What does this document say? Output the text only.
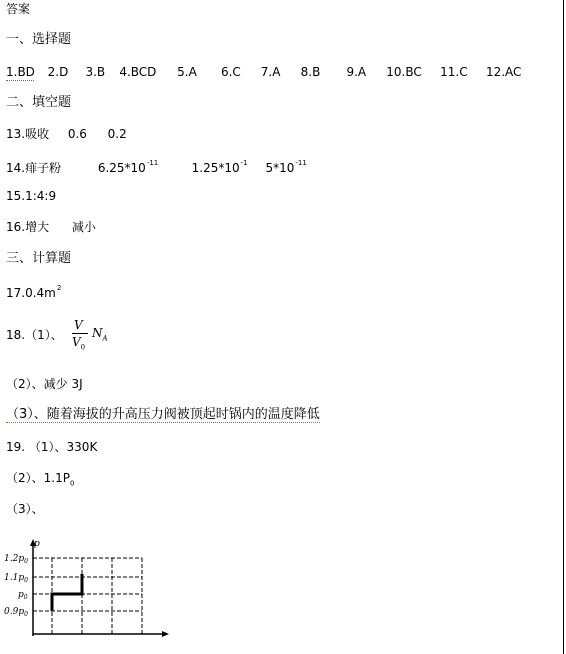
答案
一、选择题
1.BD 2.D 3.B 4.BCD 5.A 6.C 7.A 8.B 9.A 10.BC 11.C 12.AC
二、填空题
13.吸收 0.6 0.2
14.痱子粉	$6.25*10^{-11}$	$1.25*10^{-1}$ $5*10^{-11}$
15.1:4:9
16.增大 减小
三、计算题
$17.0.4m^2$
18.（1）、
V
$V_0$
$N_A$
（2）、减少 3J
（3）、随着海拔的升高压力阀被顶起时锅内的温度降低
19. （1）、330K
（2）、$1.1P_0$
（3）、
p
$1.2p_0$
$1.1p_0$
$p_0$
$0.9p_0$
